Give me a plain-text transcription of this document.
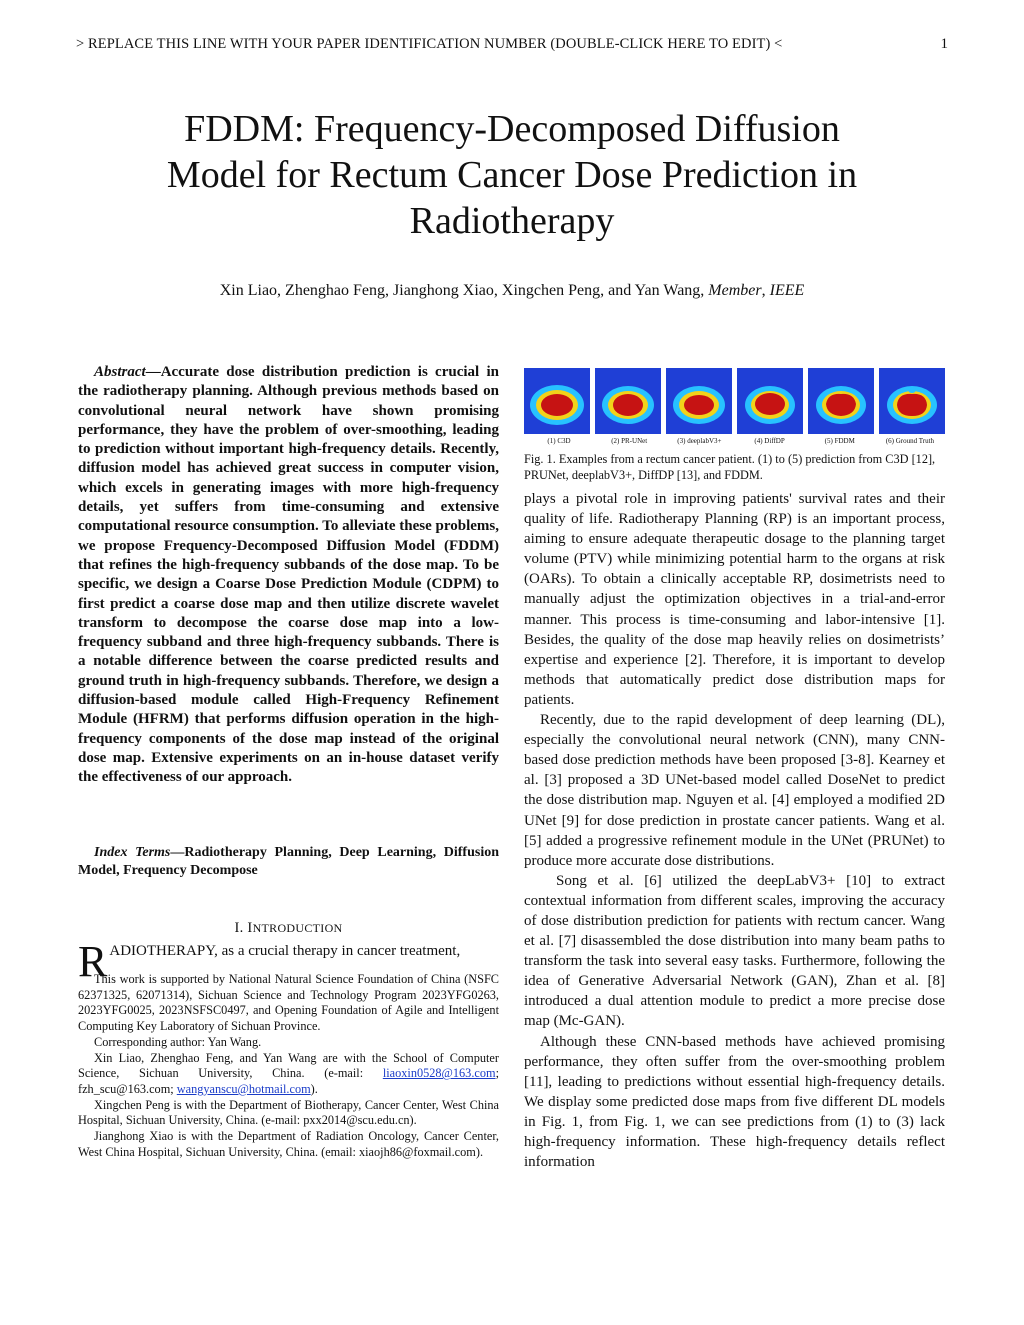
> REPLACE THIS LINE WITH YOUR PAPER IDENTIFICATION NUMBER (DOUBLE-CLICK HERE TO EDIT) <	1
FDDM: Frequency-Decomposed Diffusion
Model for Rectum Cancer Dose Prediction in
Radiotherapy
Xin Liao, Zhenghao Feng, Jianghong Xiao, Xingchen Peng, and Yan Wang, Member, IEEE
Abstract—Accurate dose distribution prediction is crucial in the radiotherapy planning. Although previous methods based on convolutional neural network have shown promising performance, they have the problem of over-smoothing, leading to prediction without important high-frequency details. Recently, diffusion model has achieved great success in computer vision, which excels in generating images with more high-frequency details, yet suffers from time-consuming and extensive computational resource consumption. To alleviate these problems, we propose Frequency-Decomposed Diffusion Model (FDDM) that refines the high-frequency subbands of the dose map. To be specific, we design a Coarse Dose Prediction Module (CDPM) to first predict a coarse dose map and then utilize discrete wavelet transform to decompose the coarse dose map into a low-frequency subband and three high-frequency subbands. There is a notable difference between the coarse predicted results and ground truth in high-frequency subbands. Therefore, we design a diffusion-based module called High-Frequency Refinement Module (HFRM) that performs diffusion operation in the high-frequency components of the dose map instead of the original dose map. Extensive experiments on an in-house dataset verify the effectiveness of our approach.
Index Terms—Radiotherapy Planning, Deep Learning, Diffusion Model, Frequency Decompose
I. INTRODUCTION
RADIOTHERAPY, as a crucial therapy in cancer treatment,

This work is supported by National Natural Science Foundation of China (NSFC 62371325, 62071314), Sichuan Science and Technology Program 2023YFG0263, 2023YFG0025, 2023NSFSC0497, and Opening Foundation of Agile and Intelligent Computing Key Laboratory of Sichuan Province.

Corresponding author: Yan Wang.

Xin Liao, Zhenghao Feng, and Yan Wang are with the School of Computer Science, Sichuan University, China. (e-mail: liaoxin0528@163.com; fzh_scu@163.com; wangyanscu@hotmail.com).

Xingchen Peng is with the Department of Biotherapy, Cancer Center, West China Hospital, Sichuan University, China. (e-mail: pxx2014@scu.edu.cn).

Jianghong Xiao is with the Department of Radiation Oncology, Cancer Center, West China Hospital, Sichuan University, China. (email: xiaojh86@foxmail.com).

(1) C3D	(2) PR-UNet	(3) deeplabV3+	(4) DiffDP	(5) FDDM	(6) Ground Truth
Fig. 1. Examples from a rectum cancer patient. (1) to (5) prediction from C3D [12], PRUNet, deeplabV3+, DiffDP [13], and FDDM.

plays a pivotal role in improving patients' survival rates and their quality of life. Radiotherapy Planning (RP) is an important process, aiming to ensure adequate therapeutic dosage to the planning target volume (PTV) while minimizing potential harm to the organs at risk (OARs). To obtain a clinically acceptable RP, dosimetrists need to manually adjust the optimization objectives in a trial-and-error manner. This process is time-consuming and labor-intensive [1]. Besides, the quality of the dose map heavily relies on dosimetrists’ expertise and experience [2]. Therefore, it is important to develop methods that automatically predict dose distribution maps for patients.

Recently, due to the rapid development of deep learning (DL), especially the convolutional neural network (CNN), many CNN-based dose prediction methods have been proposed [3-8]. Kearney et al. [3] proposed a 3D UNet-based model called DoseNet to predict the dose distribution map. Nguyen et al. [4] employed a modified 2D UNet [9] for dose prediction in prostate cancer patients. Wang et al. [5] added a progressive refinement module in the UNet (PRUNet) to produce more accurate dose distributions.

Song et al. [6] utilized the deepLabV3+ [10] to extract contextual information from different scales, improving the accuracy of dose distribution prediction for patients with rectum cancer. Wang et al. [7] disassembled the dose distribution into many beam paths to transform the task into several easy tasks. Furthermore, following the idea of Generative Adversarial Network (GAN), Zhan et al. [8] introduced a dual attention module to predict a more precise dose map (Mc-GAN).

Although these CNN-based methods have achieved promising performance, they often suffer from the over-smoothing problem [11], leading to predictions without essential high-frequency details. We display some predicted dose maps from five different DL models in Fig. 1, from Fig. 1, we can see predictions from (1) to (3) lack high-frequency information. These high-frequency details reflect information
